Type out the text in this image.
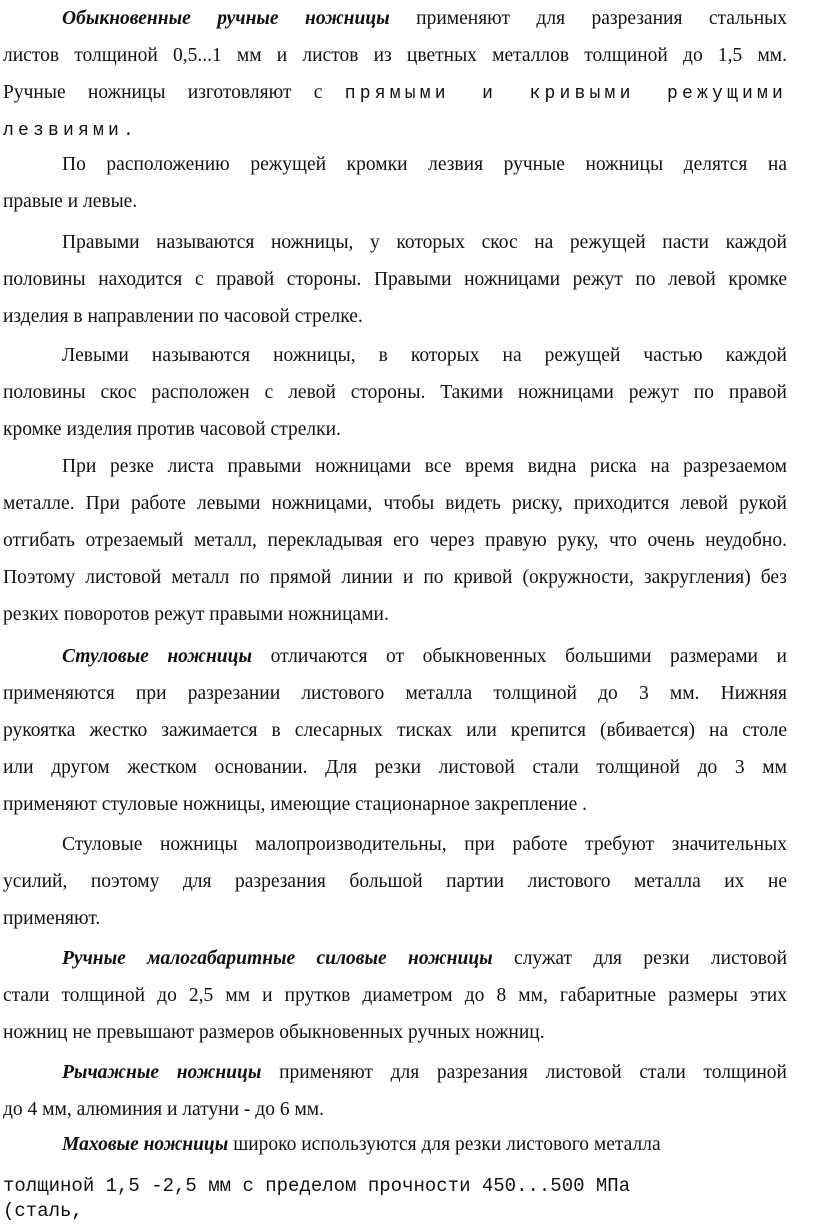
Обыкновенные ручные ножницы применяют для разрезания стальных
листов толщиной 0,5...1 мм и листов из цветных металлов толщиной до 1,5 мм.
Ручные ножницы изготовляют с прямыми и кривыми режущими
лезвиями.
По расположению режущей кромки лезвия ручные ножницы делятся на
правые и левые.
Правыми называются ножницы, у которых скос на режущей пасти каждой
половины находится с правой стороны. Правыми ножницами режут по левой кромке
изделия в направлении по часовой стрелке.
Левыми называются ножницы, в которых на режущей частью каждой
половины скос расположен с левой стороны. Такими ножницами режут по правой
кромке изделия против часовой стрелки.
При резке листа правыми ножницами все время видна риска на разрезаемом
металле. При работе левыми ножницами, чтобы видеть риску, приходится левой рукой
отгибать отрезаемый металл, перекладывая его через правую руку, что очень неудобно.
Поэтому листовой металл по прямой линии и по кривой (окружности, закругления) без
резких поворотов режут правыми ножницами.
Стуловые ножницы отличаются от обыкновенных большими размерами и
применяются при разрезании листового металла толщиной до 3 мм. Нижняя
рукоятка жестко зажимается в слесарных тисках или крепится (вбивается) на столе
или другом жестком основании. Для резки листовой стали толщиной до 3 мм
применяют стуловые ножницы, имеющие стационарное закрепление .
Стуловые ножницы малопроизводительны, при работе требуют значительных
усилий, поэтому для разрезания большой партии листового металла их не
применяют.
Ручные малогабаритные силовые ножницы служат для резки листовой
стали толщиной до 2,5 мм и прутков диаметром до 8 мм, габаритные размеры этих
ножниц не превышают размеров обыкновенных ручных ножниц.
Рычажные ножницы применяют для разрезания листовой стали толщиной
до 4 мм, алюминия и латуни - до 6 мм.
Маховые ножницы широко используются для резки листового металла
толщиной 1,5 -2,5 мм с пределом прочности 450...500 МПа
(сталь,
